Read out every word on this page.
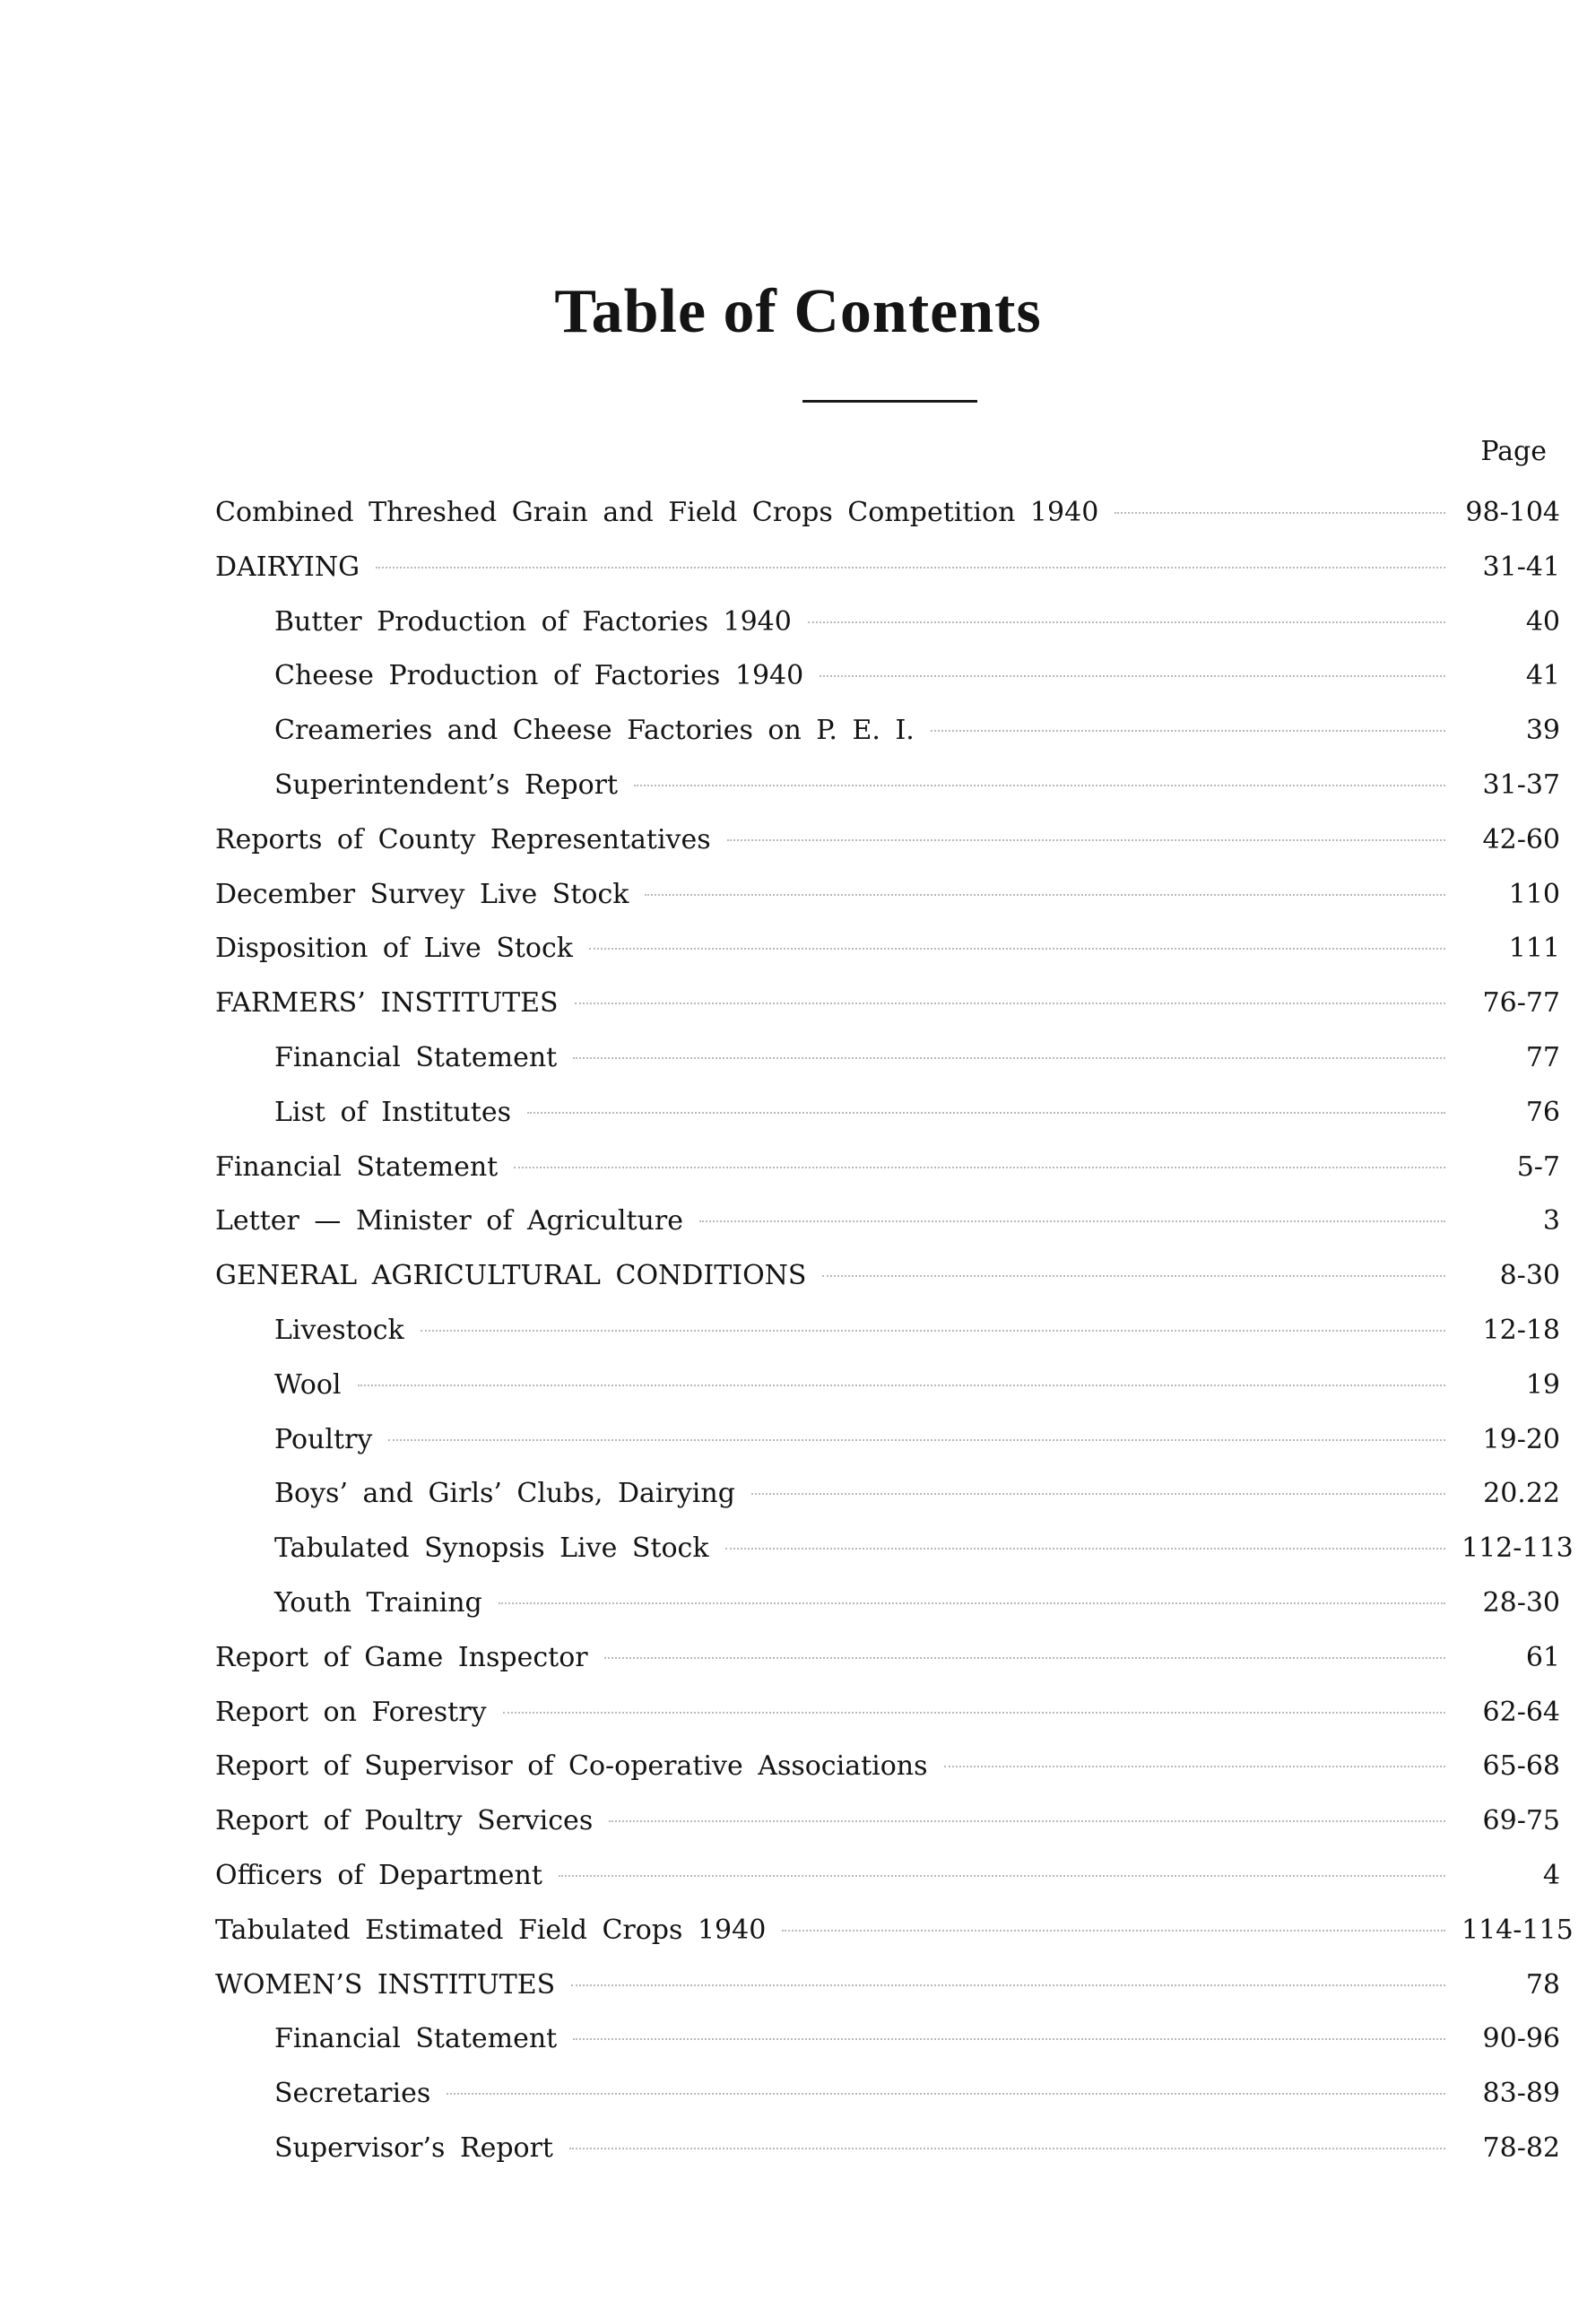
Table of Contents
Page
Combined Threshed Grain and Field Crops Competition 1940	98-104
DAIRYING	31-41
Butter Production of Factories 1940	40
Cheese Production of Factories 1940	41
Creameries and Cheese Factories on P. E. I.	39
Superintendent’s Report	31-37
Reports of County Representatives	42-60
December Survey Live Stock	110
Disposition of Live Stock	111
FARMERS’ INSTITUTES	76-77
Financial Statement	77
List of Institutes	76
Financial Statement	5-7
Letter — Minister of Agriculture	3
GENERAL AGRICULTURAL CONDITIONS	8-30
Livestock	12-18
Wool	19
Poultry	19-20
Boys’ and Girls’ Clubs, Dairying	20.22
Tabulated Synopsis Live Stock	112-113
Youth Training	28-30
Report of Game Inspector	61
Report on Forestry	62-64
Report of Supervisor of Co-operative Associations	65-68
Report of Poultry Services	69-75
Officers of Department	4
Tabulated Estimated Field Crops 1940	114-115
WOMEN’S INSTITUTES	78
Financial Statement	90-96
Secretaries	83-89
Supervisor’s Report	78-82
